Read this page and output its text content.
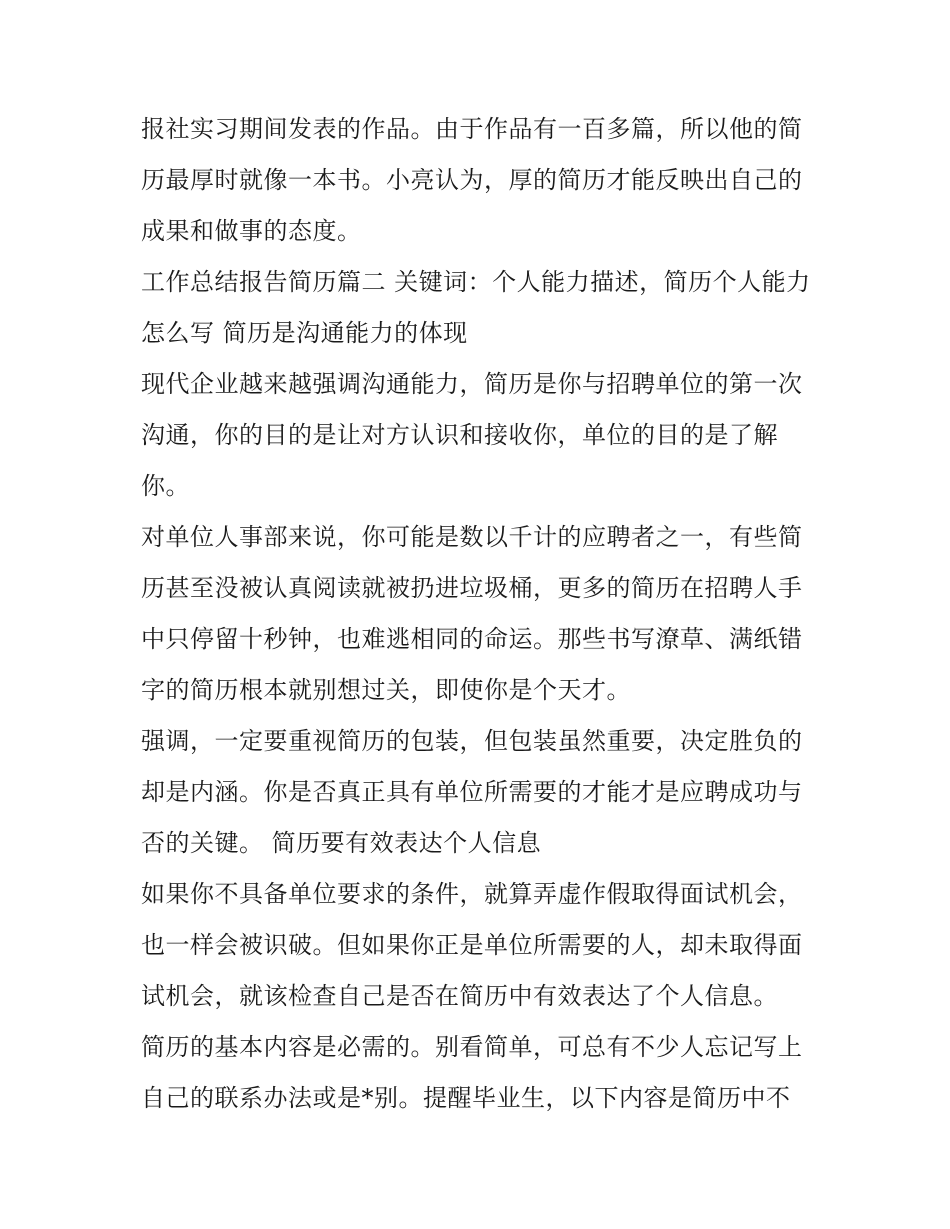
报社实习期间发表的作品。由于作品有一百多篇，所以他的简历最厚时就像一本书。小亮认为，厚的简历才能反映出自己的成果和做事的态度。

工作总结报告简历篇二 关键词：个人能力描述，简历个人能力怎么写 简历是沟通能力的体现

现代企业越来越强调沟通能力，简历是你与招聘单位的第一次沟通，你的目的是让对方认识和接收你，单位的目的是了解你。

对单位人事部来说，你可能是数以千计的应聘者之一，有些简历甚至没被认真阅读就被扔进垃圾桶，更多的简历在招聘人手中只停留十秒钟，也难逃相同的命运。那些书写潦草、满纸错字的简历根本就别想过关，即使你是个天才。

强调，一定要重视简历的包装，但包装虽然重要，决定胜负的却是内涵。你是否真正具有单位所需要的才能才是应聘成功与否的关键。 简历要有效表达个人信息

如果你不具备单位要求的条件，就算弄虚作假取得面试机会，也一样会被识破。但如果你正是单位所需要的人，却未取得面试机会，就该检查自己是否在简历中有效表达了个人信息。

简历的基本内容是必需的。别看简单，可总有不少人忘记写上自己的联系办法或是*别。提醒毕业生，以下内容是简历中不
